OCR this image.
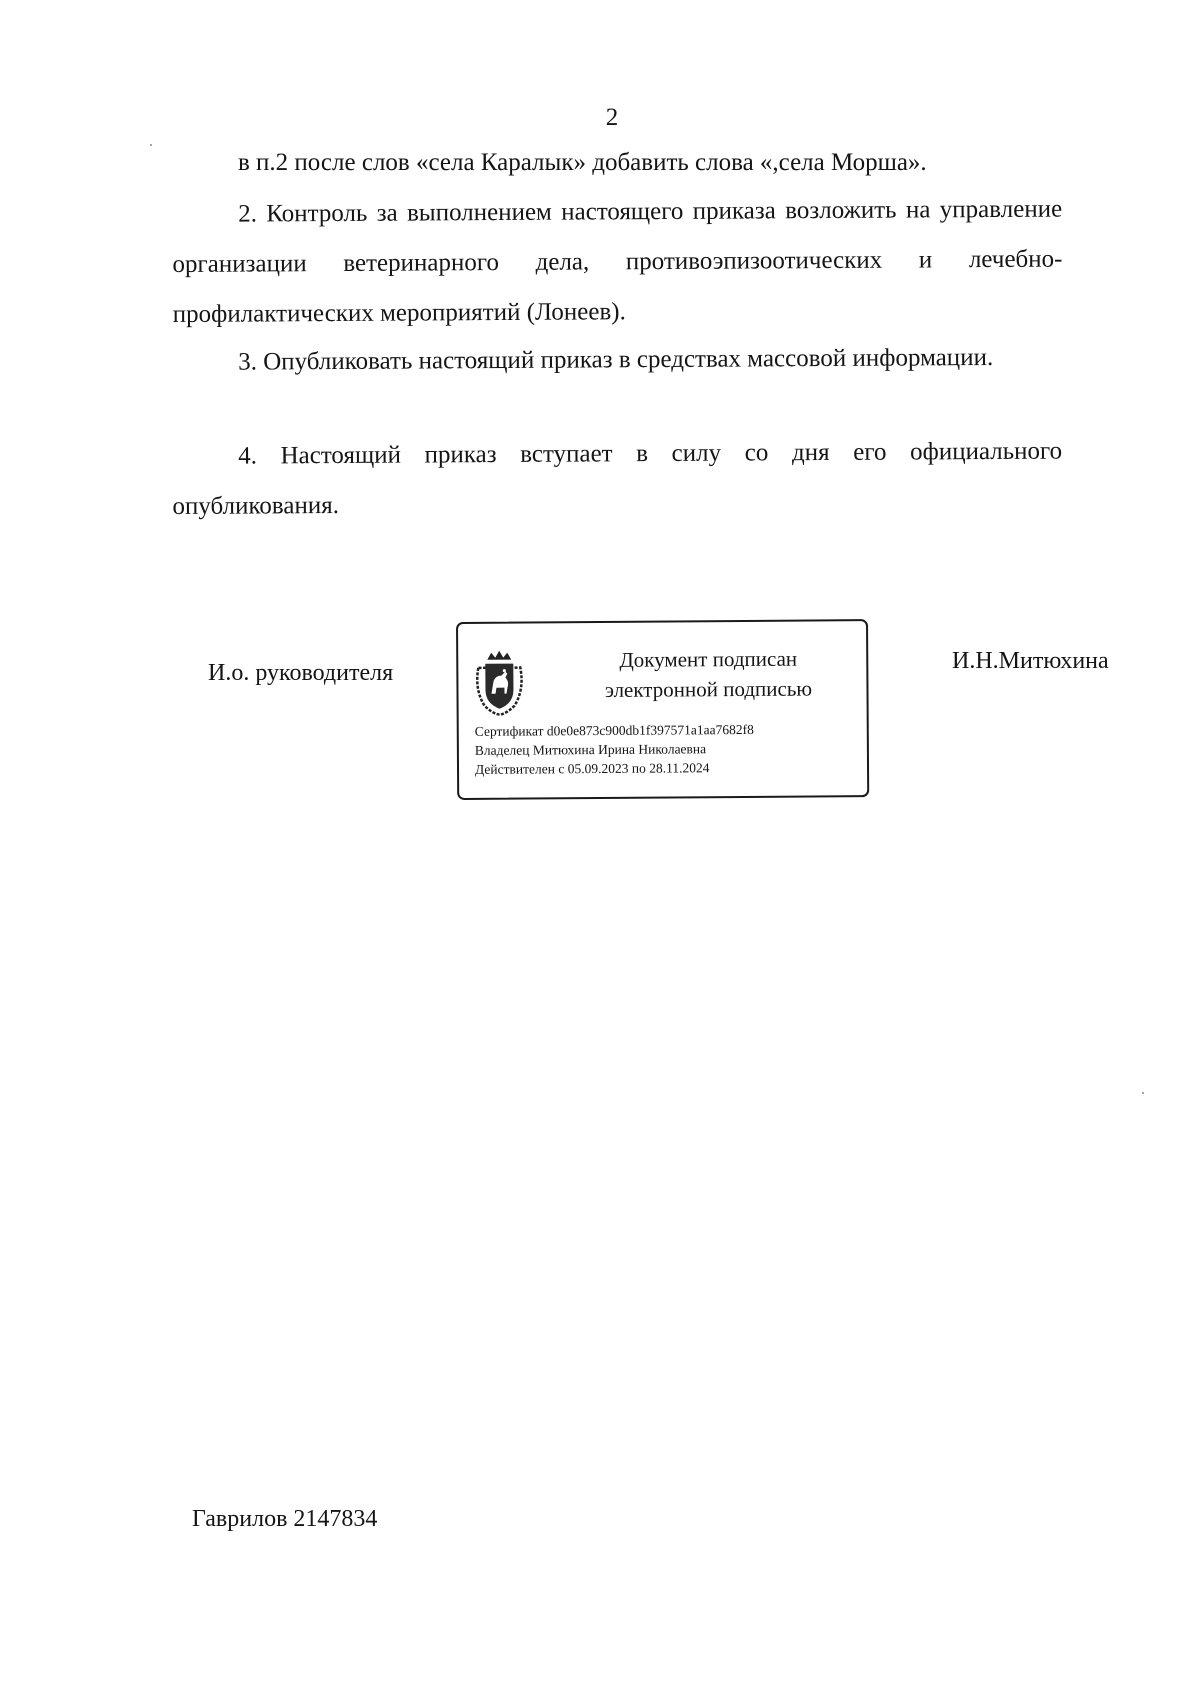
2
в п.2 после слов «села Каралык» добавить слова «,села Морша».
2. Контроль за выполнением настоящего приказа возложить на управление организации ветеринарного дела, противоэпизоотических и лечебно-профилактических мероприятий (Лонеев).
3. Опубликовать настоящий приказ в средствах массовой информации.
4. Настоящий приказ вступает в силу со дня его официального опубликования.
И.о. руководителя
Документ подписан
электронной подписью
Сертификат d0e0e873c900db1f397571a1aa7682f8
Владелец Митюхина Ирина Николаевна
Действителен с 05.09.2023 по 28.11.2024
И.Н.Митюхина
Гаврилов 2147834
